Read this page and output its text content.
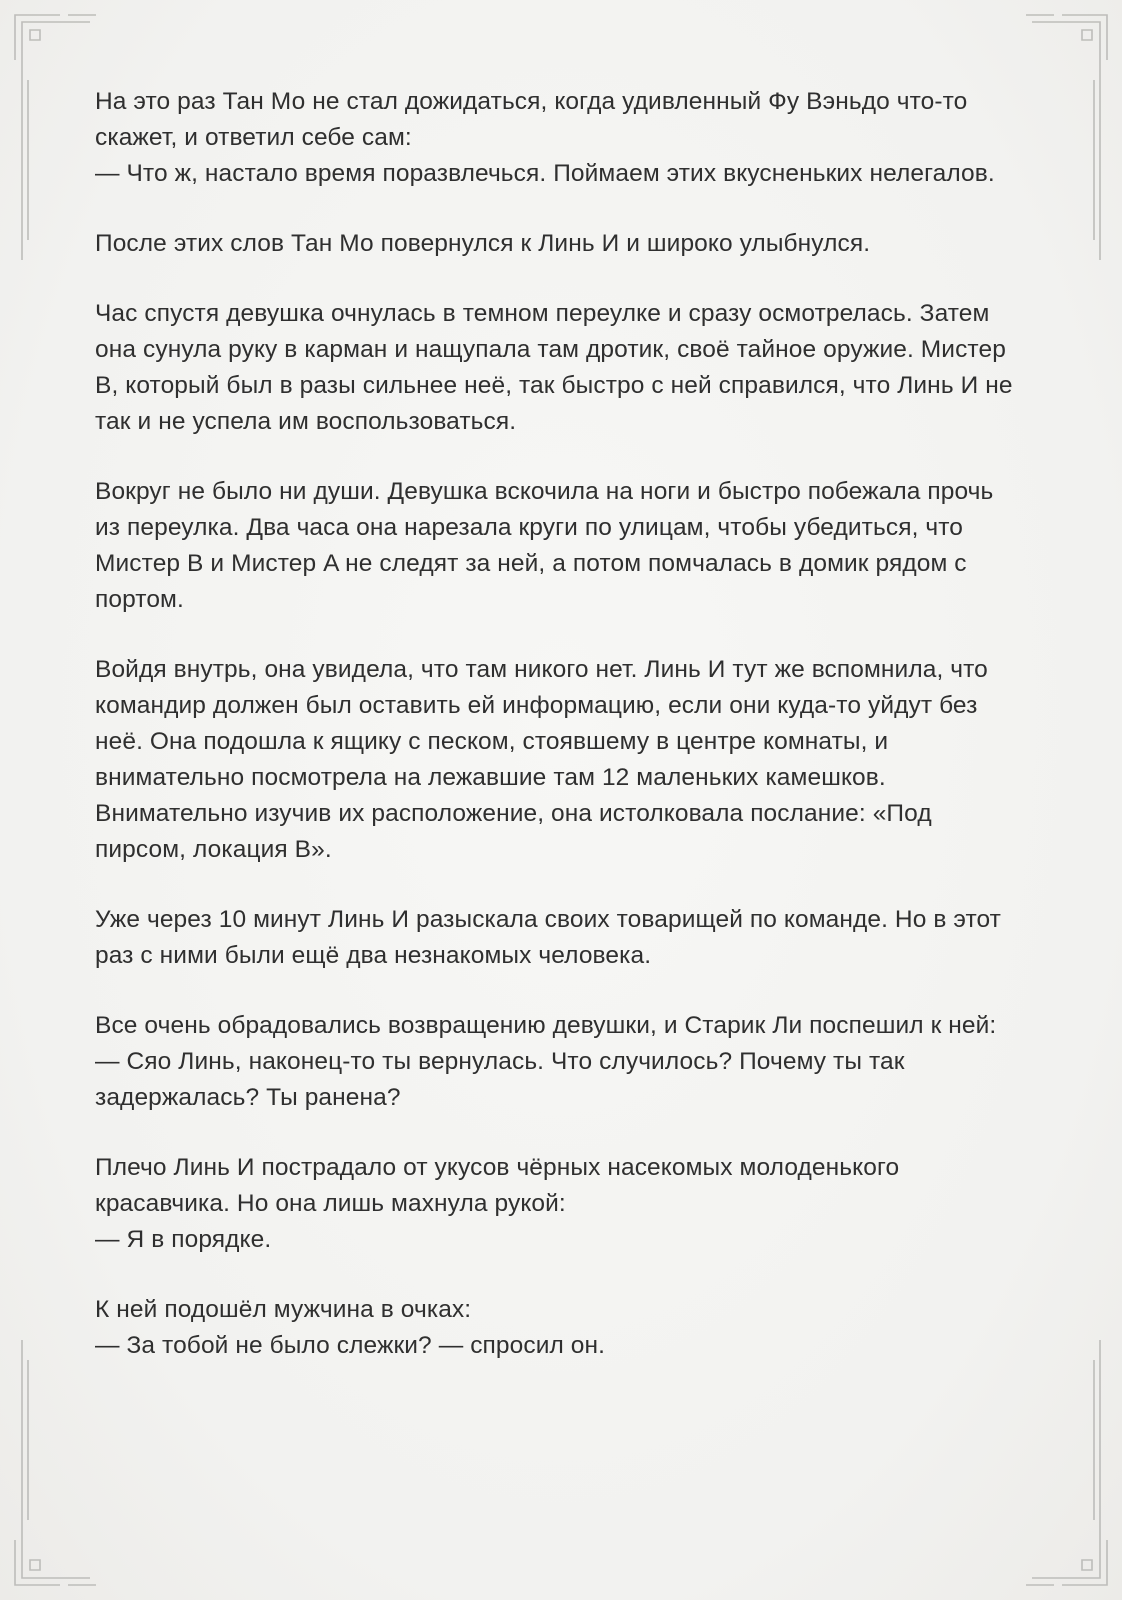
На это раз Тан Мо не стал дожидаться, когда удивленный Фу Вэньдо что-то скажет, и ответил себе сам:
— Что ж, настало время поразвлечься. Поймаем этих вкусненьких нелегалов.

После этих слов Тан Мо повернулся к Линь И и широко улыбнулся.

Час спустя девушка очнулась в темном переулке и сразу осмотрелась. Затем она сунула руку в карман и нащупала там дротик, своё тайное оружие. Мистер B, который был в разы сильнее неё, так быстро с ней справился, что Линь И не так и не успела им воспользоваться.

Вокруг не было ни души. Девушка вскочила на ноги и быстро побежала прочь из переулка. Два часа она нарезала круги по улицам, чтобы убедиться, что Мистер B и Мистер A не следят за ней, а потом помчалась в домик рядом с портом.

Войдя внутрь, она увидела, что там никого нет. Линь И тут же вспомнила, что командир должен был оставить ей информацию, если они куда-то уйдут без неё. Она подошла к ящику с песком, стоявшему в центре комнаты, и внимательно посмотрела на лежавшие там 12 маленьких камешков. Внимательно изучив их расположение, она истолковала послание: «Под пирсом, локация B».

Уже через 10 минут Линь И разыскала своих товарищей по команде. Но в этот раз с ними были ещё два незнакомых человека.

Все очень обрадовались возвращению девушки, и Старик Ли поспешил к ней:
— Сяо Линь, наконец-то ты вернулась. Что случилось? Почему ты так задержалась? Ты ранена?

Плечо Линь И пострадало от укусов чёрных насекомых молоденького красавчика. Но она лишь махнула рукой:
— Я в порядке.

К ней подошёл мужчина в очках:
— За тобой не было слежки? — спросил он.
